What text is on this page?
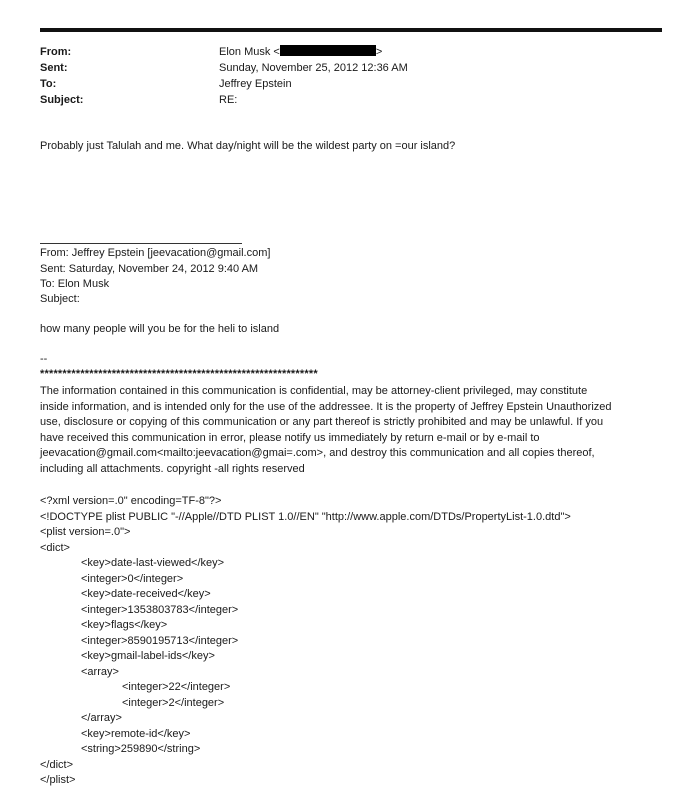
From:	Elon Musk <	>
Sent:	Sunday, November 25, 2012 12:36 AM
To:	Jeffrey Epstein
Subject:	RE:
Probably just Talulah and me. What day/night will be the wildest party on =our island?
From: Jeffrey Epstein [jeevacation@gmail.com]
Sent: Saturday, November 24, 2012 9:40 AM
To: Elon Musk
Subject:
how many people will you be for the heli to island
--
**************************************************************
The information contained in this communication is confidential, may be attorney-client privileged, may constitute
inside information, and is intended only for the use of the addressee. It is the property of Jeffrey Epstein Unauthorized
use, disclosure or copying of this communication or any part thereof is strictly prohibited and may be unlawful. If you
have received this communication in error, please notify us immediately by return e-mail or by e-mail to
jeevacation@gmail.com<mailto:jeevacation@gmai=.com>, and destroy this communication and all copies thereof,
including all attachments. copyright -all rights reserved
<?xml version=.0" encoding=TF-8"?>
<!DOCTYPE plist PUBLIC "-//Apple//DTD PLIST 1.0//EN" "http://www.apple.com/DTDs/PropertyList-1.0.dtd">
<plist version=.0">
<dict>
<key>date-last-viewed</key>
<integer>0</integer>
<key>date-received</key>
<integer>1353803783</integer>
<key>flags</key>
<integer>8590195713</integer>
<key>gmail-label-ids</key>
<array>
<integer>22</integer>
<integer>2</integer>
</array>
<key>remote-id</key>
<string>259890</string>
</dict>
</plist>
